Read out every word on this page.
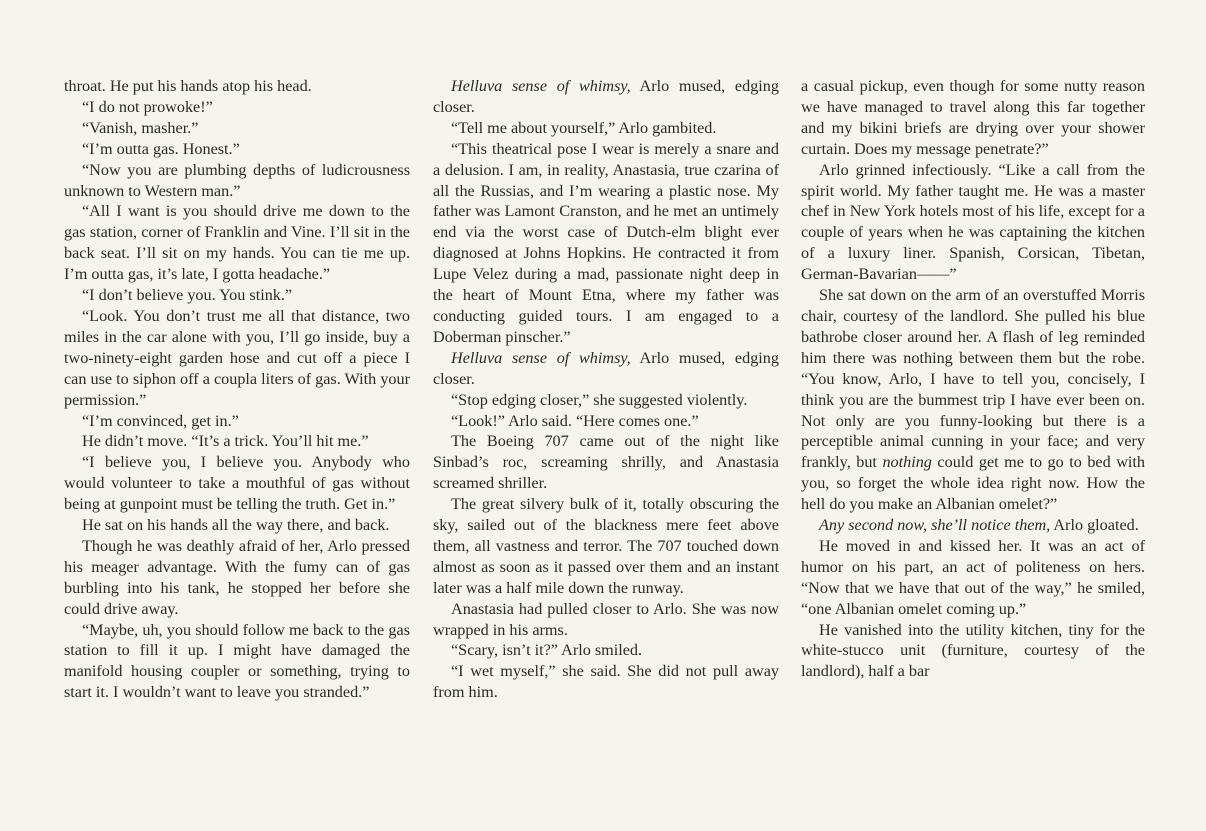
throat. He put his hands atop his head.

“I do not prowoke!”

“Vanish, masher.”

“I’m outta gas. Honest.”

“Now you are plumbing depths of ludicrousness unknown to Western man.”

“All I want is you should drive me down to the gas station, corner of Franklin and Vine. I’ll sit in the back seat. I’ll sit on my hands. You can tie me up. I’m outta gas, it’s late, I gotta headache.”

“I don’t believe you. You stink.”

“Look. You don’t trust me all that distance, two miles in the car alone with you, I’ll go inside, buy a two-ninety-eight garden hose and cut off a piece I can use to siphon off a coupla liters of gas. With your permission.”

“I’m convinced, get in.”

He didn’t move. “It’s a trick. You’ll hit me.”

“I believe you, I believe you. Anybody who would volunteer to take a mouthful of gas without being at gunpoint must be telling the truth. Get in.”

He sat on his hands all the way there, and back.

Though he was deathly afraid of her, Arlo pressed his meager advantage. With the fumy can of gas burbling into his tank, he stopped her before she could drive away.

“Maybe, uh, you should follow me back to the gas station to fill it up. I might have damaged the manifold housing coupler or something, trying to start it. I wouldn’t want to leave you stranded.”

Helluva sense of whimsy, Arlo mused, edging closer.

“Tell me about yourself,” Arlo gambited.

“This theatrical pose I wear is merely a snare and a delusion. I am, in reality, Anastasia, true czarina of all the Russias, and I’m wearing a plastic nose. My father was Lamont Cranston, and he met an untimely end via the worst case of Dutch-elm blight ever diagnosed at Johns Hopkins. He contracted it from Lupe Velez during a mad, passionate night deep in the heart of Mount Etna, where my father was conducting guided tours. I am engaged to a Doberman pinscher.”

Helluva sense of whimsy, Arlo mused, edging closer.

“Stop edging closer,” she suggested violently.

“Look!” Arlo said. “Here comes one.”

The Boeing 707 came out of the night like Sinbad’s roc, screaming shrilly, and Anastasia screamed shriller.

The great silvery bulk of it, totally obscuring the sky, sailed out of the blackness mere feet above them, all vastness and terror. The 707 touched down almost as soon as it passed over them and an instant later was a half mile down the runway.

Anastasia had pulled closer to Arlo. She was now wrapped in his arms.

“Scary, isn’t it?” Arlo smiled.

“I wet myself,” she said. She did not pull away from him.

a casual pickup, even though for some nutty reason we have managed to travel along this far together and my bikini briefs are drying over your shower curtain. Does my message penetrate?”

Arlo grinned infectiously. “Like a call from the spirit world. My father taught me. He was a master chef in New York hotels most of his life, except for a couple of years when he was captaining the kitchen of a luxury liner. Spanish, Corsican, Tibetan, German-Bavarian——”

She sat down on the arm of an overstuffed Morris chair, courtesy of the landlord. She pulled his blue bathrobe closer around her. A flash of leg reminded him there was nothing between them but the robe. “You know, Arlo, I have to tell you, concisely, I think you are the bummest trip I have ever been on. Not only are you funny-looking but there is a perceptible animal cunning in your face; and very frankly, but nothing could get me to go to bed with you, so forget the whole idea right now. How the hell do you make an Albanian omelet?”

Any second now, she’ll notice them, Arlo gloated.

He moved in and kissed her. It was an act of humor on his part, an act of politeness on hers. “Now that we have that out of the way,” he smiled, “one Albanian omelet coming up.”

He vanished into the utility kitchen, tiny for the white-stucco unit (furniture, courtesy of the landlord), half a bar
